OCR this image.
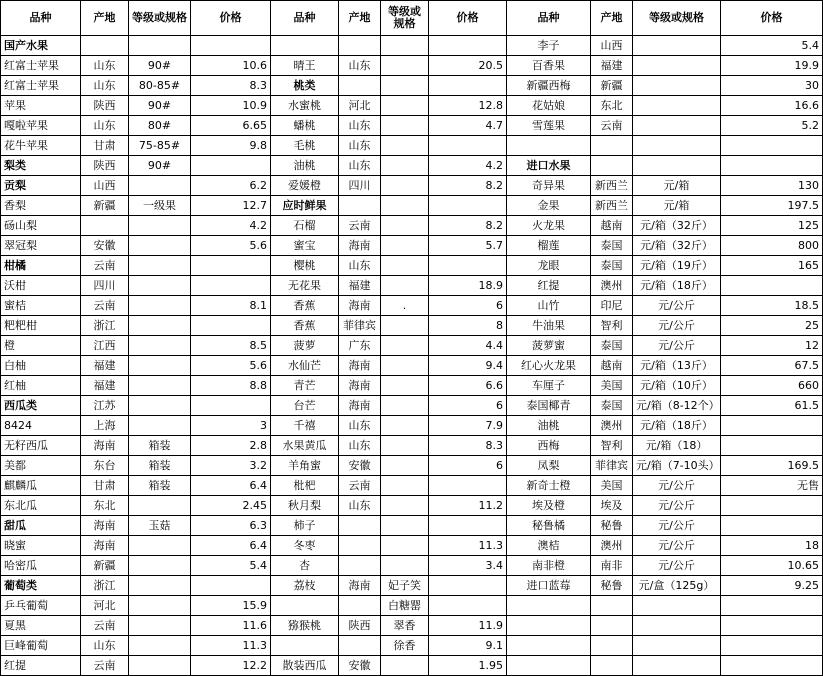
品种	产地	等级或规格	价格	品种	产地	等级或规格	价格	品种	产地	等级或规格	价格
国产水果								李子	山西		5.4
红富士苹果	山东	90#	10.6	晴王	山东		20.5	百香果	福建		19.9
红富士苹果	山东	80-85#	8.3	桃类				新疆西梅	新疆		30
苹果	陕西	90#	10.9	水蜜桃	河北		12.8	花姑娘	东北		16.6
嘎啦苹果	山东	80#	6.65	蟠桃	山东		4.7	雪莲果	云南		5.2
花牛苹果	甘肃	75-85#	9.8	毛桃	山东						
梨类	陕西	90#		油桃	山东		4.2	进口水果			
贡梨	山西		6.2	爱媛橙	四川		8.2	奇异果	新西兰	元/箱	130
香梨	新疆	一级果	12.7	应时鲜果				金果	新西兰	元/箱	197.5
砀山梨			4.2	石榴	云南		8.2	火龙果	越南	元/箱（32斤）	125
翠冠梨	安徽		5.6	蜜宝	海南		5.7	榴莲	泰国	元/箱（32斤）	800
柑橘	云南			樱桃	山东			龙眼	泰国	元/箱（19斤）	165
沃柑	四川			无花果	福建		18.9	红提	澳州	元/箱（18斤）	
蜜桔	云南		8.1	香蕉	海南	.	6	山竹	印尼	元/公斤	18.5
粑粑柑	浙江			香蕉	菲律宾		8	牛油果	智利	元/公斤	25
橙	江西		8.5	菠萝	广东		4.4	菠萝蜜	泰国	元/公斤	12
白柚	福建		5.6	水仙芒	海南		9.4	红心火龙果	越南	元/箱（13斤）	67.5
红柚	福建		8.8	青芒	海南		6.6	车厘子	美国	元/箱（10斤）	660
西瓜类	江苏			台芒	海南		6	泰国椰青	泰国	元/箱（8-12个）	61.5
8424	上海		3	千禧	山东		7.9	油桃	澳州	元/箱（18斤）	
无籽西瓜	海南	箱装	2.8	水果黄瓜	山东		8.3	西梅	智利	元/箱（18）	
美都	东台	箱装	3.2	羊角蜜	安徽		6	凤梨	菲律宾	元/箱（7-10头）	169.5
麒麟瓜	甘肃	箱装	6.4	枇杷	云南			新奇士橙	美国	元/公斤	无售
东北瓜	东北		2.45	秋月梨	山东		11.2	埃及橙	埃及	元/公斤	
甜瓜	海南	玉菇	6.3	柿子				秘鲁橘	秘鲁	元/公斤	
晓蜜	海南		6.4	冬枣			11.3	澳桔	澳州	元/公斤	18
哈密瓜	新疆		5.4	杏			3.4	南非橙	南非	元/公斤	10.65
葡萄类	浙江			荔枝	海南	妃子笑		进口蓝莓	秘鲁	元/盒（125g）	9.25
乒乓葡萄	河北		15.9			白糖罂					
夏黑	云南		11.6	猕猴桃	陕西	翠香	11.9				
巨峰葡萄	山东		11.3			徐香	9.1				
红提	云南		12.2	散装西瓜	安徽		1.95				
